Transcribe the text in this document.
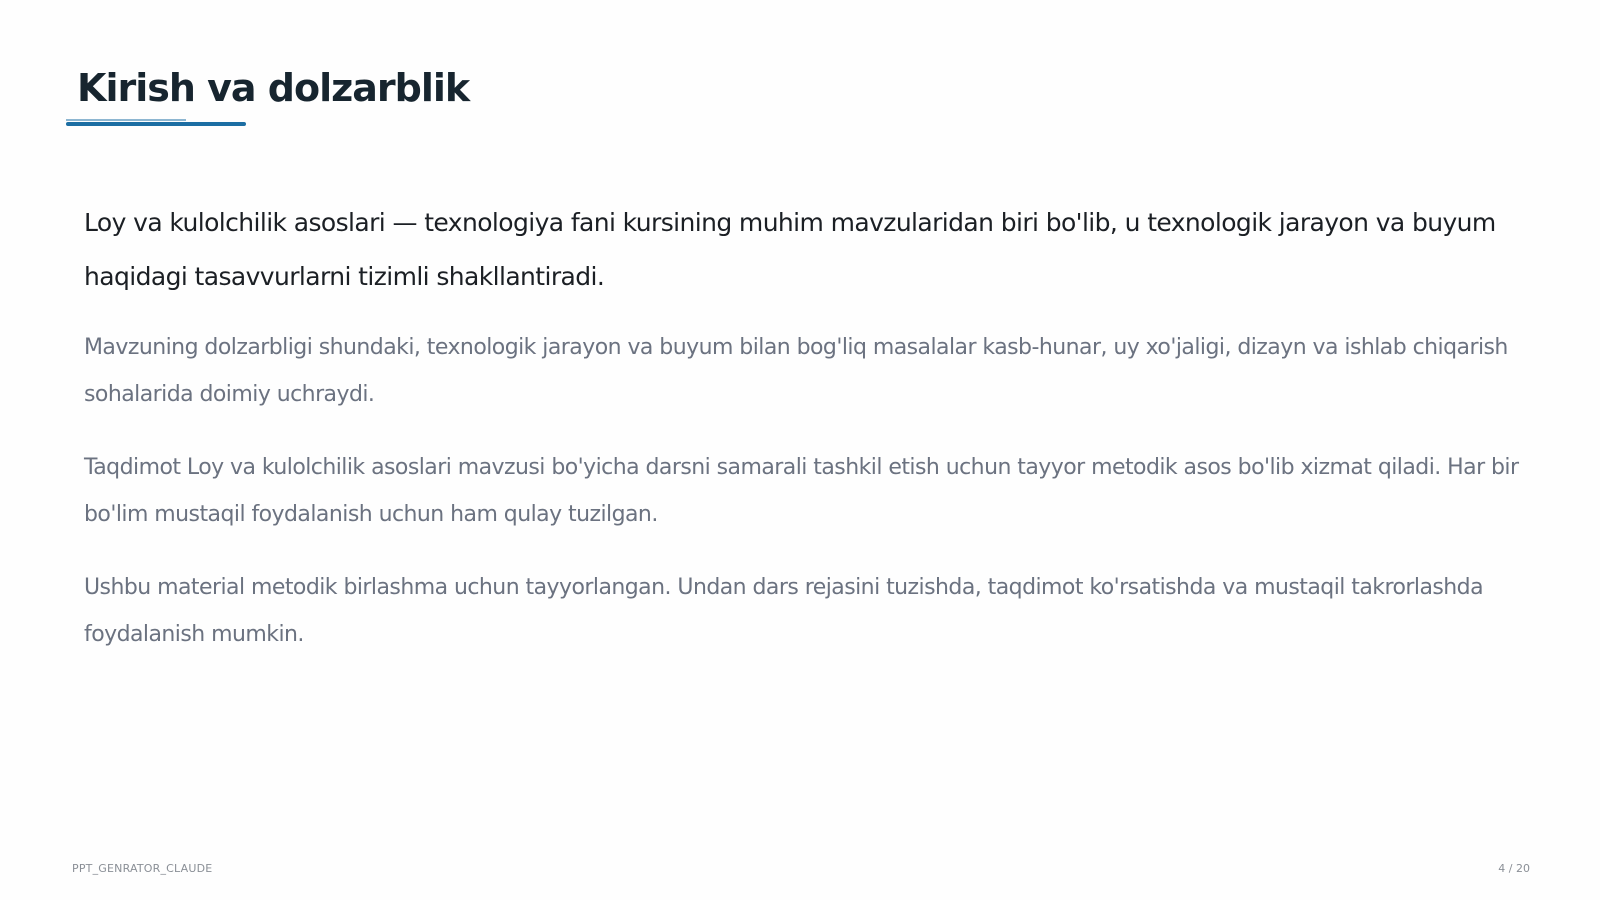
Kirish va dolzarblik

Loy va kulolchilik asoslari — texnologiya fani kursining muhim mavzularidan biri bo'lib, u texnologik jarayon va buyum haqidagi tasavvurlarni tizimli shakllantiradi.

Mavzuning dolzarbligi shundaki, texnologik jarayon va buyum bilan bog'liq masalalar kasb-hunar, uy xo'jaligi, dizayn va ishlab chiqarish sohalarida doimiy uchraydi.

Taqdimot Loy va kulolchilik asoslari mavzusi bo'yicha darsni samarali tashkil etish uchun tayyor metodik asos bo'lib xizmat qiladi. Har bir bo'lim mustaqil foydalanish uchun ham qulay tuzilgan.

Ushbu material metodik birlashma uchun tayyorlangan. Undan dars rejasini tuzishda, taqdimot ko'rsatishda va mustaqil takrorlashda foydalanish mumkin.

PPT_GENRATOR_CLAUDE	4 / 20
